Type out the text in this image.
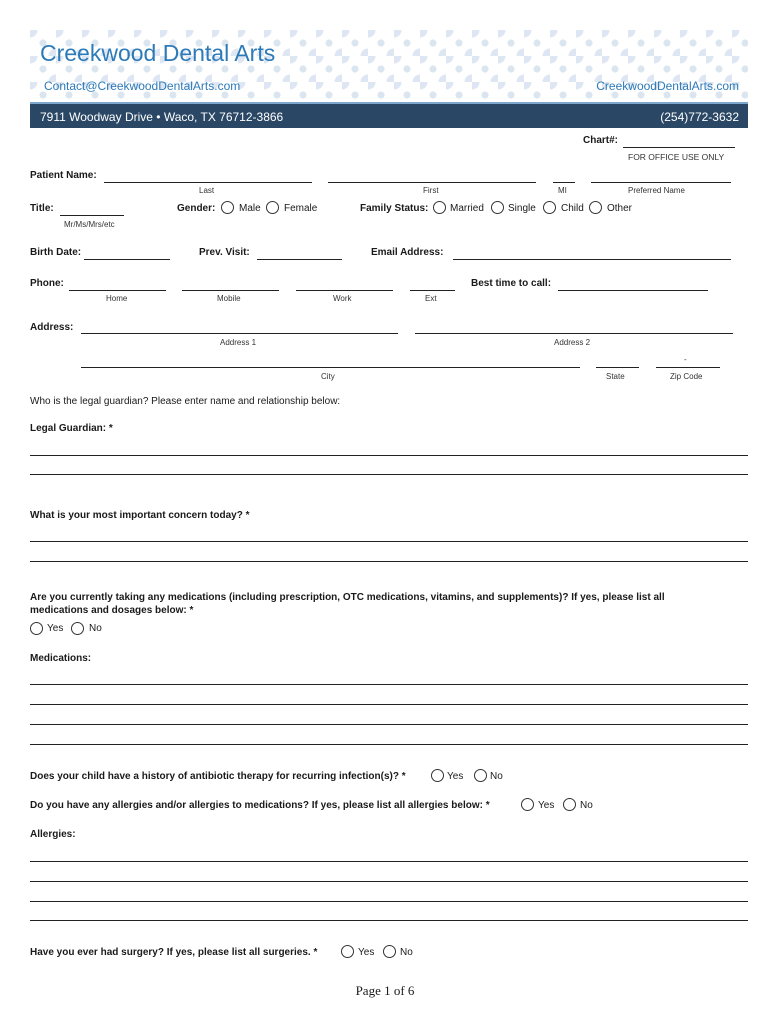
Creekwood Dental Arts
Contact@CreekwoodDentalArts.com	CreekwoodDentalArts.com
7911 Woodway Drive • Waco, TX 76712-3866	(254)772-3632
Chart#:
FOR OFFICE USE ONLY
Patient Name:
Last	First	MI	Preferred Name
Title:
Mr/Ms/Mrs/etc
Gender: Male Female	Family Status: Married Single	Child Other
Birth Date:	Prev. Visit:	Email Address:
Phone:	Best time to call:
Home	Mobile	Work	Ext
Address:
Address 1	Address 2
-
City	State	Zip Code
Who is the legal guardian? Please enter name and relationship below:
Legal Guardian: *
What is your most important concern today? *
Are you currently taking any medications (including prescription, OTC medications, vitamins, and supplements)? If yes, please list all
medications and dosages below: *
Yes	No
Medications:
Does your child have a history of antibiotic therapy for recurring infection(s)? *	Yes	No
Do you have any allergies and/or allergies to medications? If yes, please list all allergies below: *	Yes	No
Allergies:
Have you ever had surgery? If yes, please list all surgeries. *	Yes	No
Page 1 of 6
